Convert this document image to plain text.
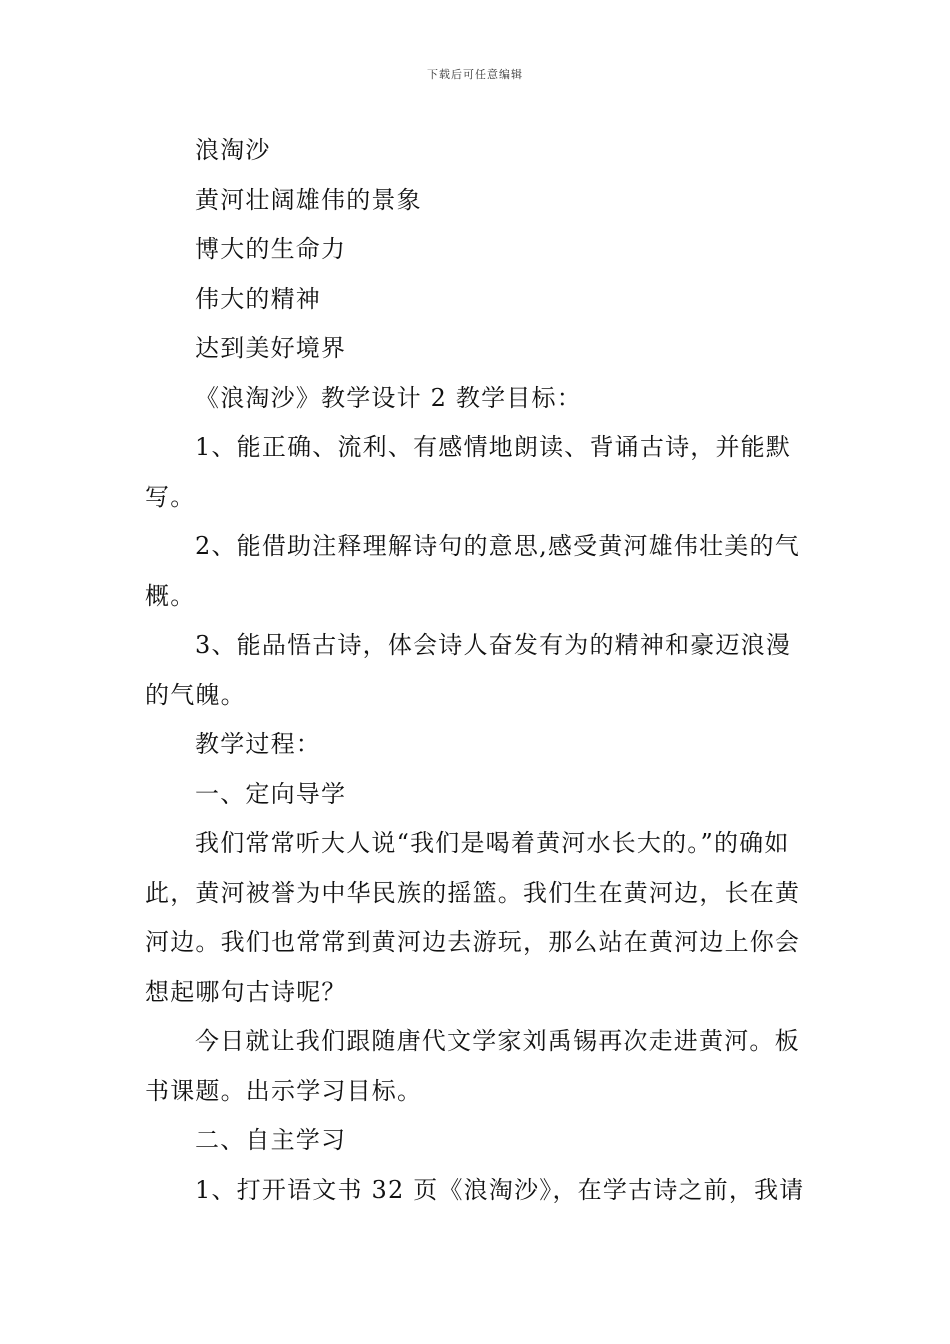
下载后可任意编辑

浪淘沙

黄河壮阔雄伟的景象

博大的生命力

伟大的精神

达到美好境界

《浪淘沙》教学设计 2 教学目标：

1、能正确、流利、有感情地朗读、背诵古诗，并能默写。

2、能借助注释理解诗句的意思,感受黄河雄伟壮美的气概。

3、能品悟古诗，体会诗人奋发有为的精神和豪迈浪漫的气魄。

教学过程：

一、定向导学

我们常常听大人说“我们是喝着黄河水长大的。”的确如此，黄河被誉为中华民族的摇篮。我们生在黄河边，长在黄河边。我们也常常到黄河边去游玩，那么站在黄河边上你会想起哪句古诗呢？

今日就让我们跟随唐代文学家刘禹锡再次走进黄河。板书课题。出示学习目标。

二、自主学习

1、打开语文书 32 页《浪淘沙》，在学古诗之前，我请
